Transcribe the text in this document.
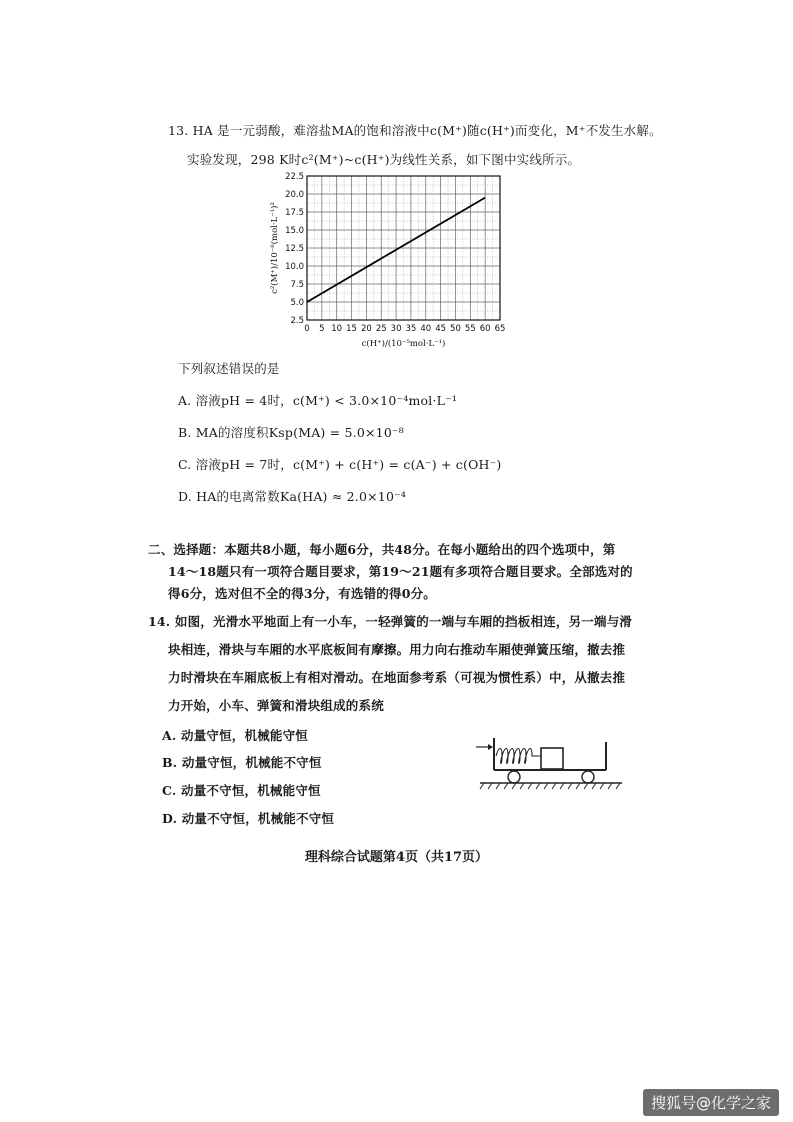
13. HA 是一元弱酸，难溶盐MA的饱和溶液中c(M⁺)随c(H⁺)而变化，M⁺不发生水解。
实验发现，298 K时c²(M⁺)~c(H⁺)为线性关系，如下图中实线所示。
0 5 10 15 20 25 30 35 40 45 50 55 60 65
2.5
5.0
7.5
10.0
12.5
15.0
17.5
20.0
22.5
c(H⁺)/(10⁻⁵mol·L⁻¹)
c²(M⁺)/10⁻⁸(mol·L⁻¹)²
下列叙述错误的是
A. 溶液pH = 4时，c(M⁺) < 3.0×10⁻⁴mol·L⁻¹
B. MA的溶度积Ksp(MA) = 5.0×10⁻⁸
C. 溶液pH = 7时，c(M⁺) + c(H⁺) = c(A⁻) + c(OH⁻)
D. HA的电离常数Ka(HA) ≈ 2.0×10⁻⁴
二、选择题：本题共8小题，每小题6分，共48分。在每小题给出的四个选项中，第
14～18题只有一项符合题目要求，第19～21题有多项符合题目要求。全部选对的
得6分，选对但不全的得3分，有选错的得0分。
14. 如图，光滑水平地面上有一小车，一轻弹簧的一端与车厢的挡板相连，另一端与滑
块相连，滑块与车厢的水平底板间有摩擦。用力向右推动车厢使弹簧压缩，撤去推
力时滑块在车厢底板上有相对滑动。在地面参考系（可视为惯性系）中，从撤去推
力开始，小车、弹簧和滑块组成的系统
A. 动量守恒，机械能守恒
B. 动量守恒，机械能不守恒
C. 动量不守恒，机械能守恒
D. 动量不守恒，机械能不守恒
理科综合试题第4页（共17页）
搜狐号@化学之家
